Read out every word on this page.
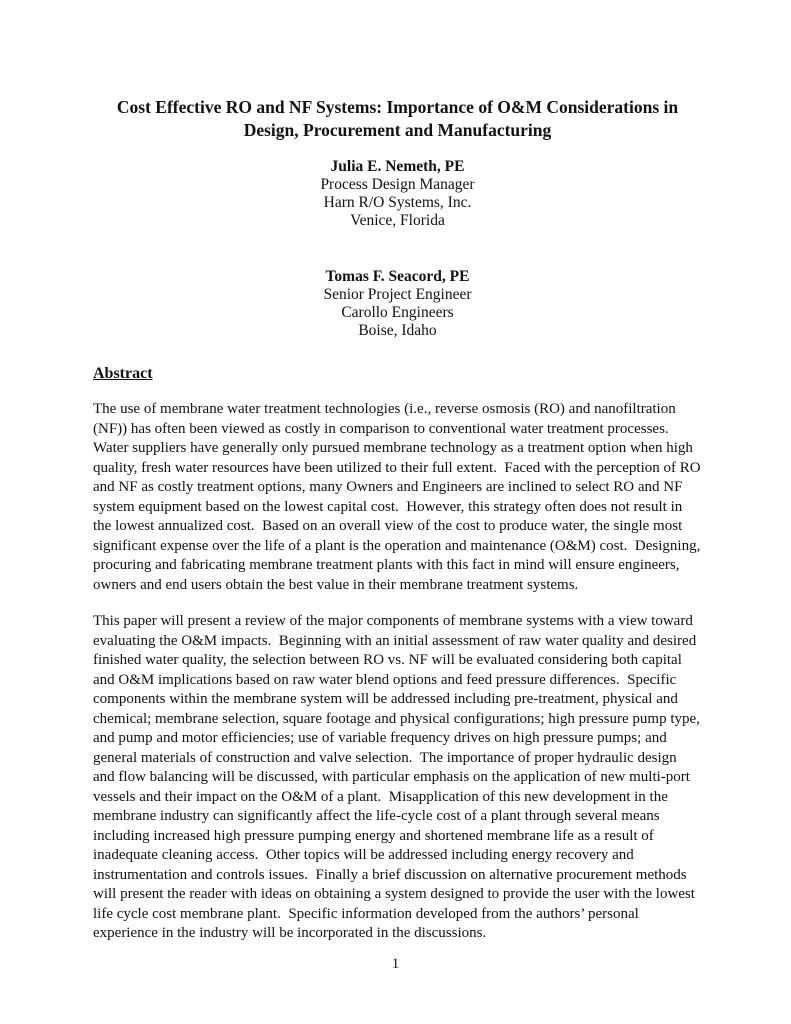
Cost Effective RO and NF Systems: Importance of O&M Considerations in Design, Procurement and Manufacturing
Julia E. Nemeth, PE
Process Design Manager
Harn R/O Systems, Inc.
Venice, Florida
Tomas F. Seacord, PE
Senior Project Engineer
Carollo Engineers
Boise, Idaho
Abstract

The use of membrane water treatment technologies (i.e., reverse osmosis (RO) and nanofiltration (NF)) has often been viewed as costly in comparison to conventional water treatment processes.  Water suppliers have generally only pursued membrane technology as a treatment option when high quality, fresh water resources have been utilized to their full extent.  Faced with the perception of RO and NF as costly treatment options, many Owners and Engineers are inclined to select RO and NF system equipment based on the lowest capital cost.  However, this strategy often does not result in the lowest annualized cost.  Based on an overall view of the cost to produce water, the single most significant expense over the life of a plant is the operation and maintenance (O&M) cost.  Designing, procuring and fabricating membrane treatment plants with this fact in mind will ensure engineers, owners and end users obtain the best value in their membrane treatment systems.

This paper will present a review of the major components of membrane systems with a view toward evaluating the O&M impacts.  Beginning with an initial assessment of raw water quality and desired finished water quality, the selection between RO vs. NF will be evaluated considering both capital and O&M implications based on raw water blend options and feed pressure differences.  Specific components within the membrane system will be addressed including pre-treatment, physical and chemical; membrane selection, square footage and physical configurations; high pressure pump type, and pump and motor efficiencies; use of variable frequency drives on high pressure pumps; and general materials of construction and valve selection.  The importance of proper hydraulic design and flow balancing will be discussed, with particular emphasis on the application of new multi-port vessels and their impact on the O&M of a plant.  Misapplication of this new development in the membrane industry can significantly affect the life-cycle cost of a plant through several means including increased high pressure pumping energy and shortened membrane life as a result of inadequate cleaning access.  Other topics will be addressed including energy recovery and instrumentation and controls issues.  Finally a brief discussion on alternative procurement methods will present the reader with ideas on obtaining a system designed to provide the user with the lowest life cycle cost membrane plant.  Specific information developed from the authors’ personal experience in the industry will be incorporated in the discussions.

1
